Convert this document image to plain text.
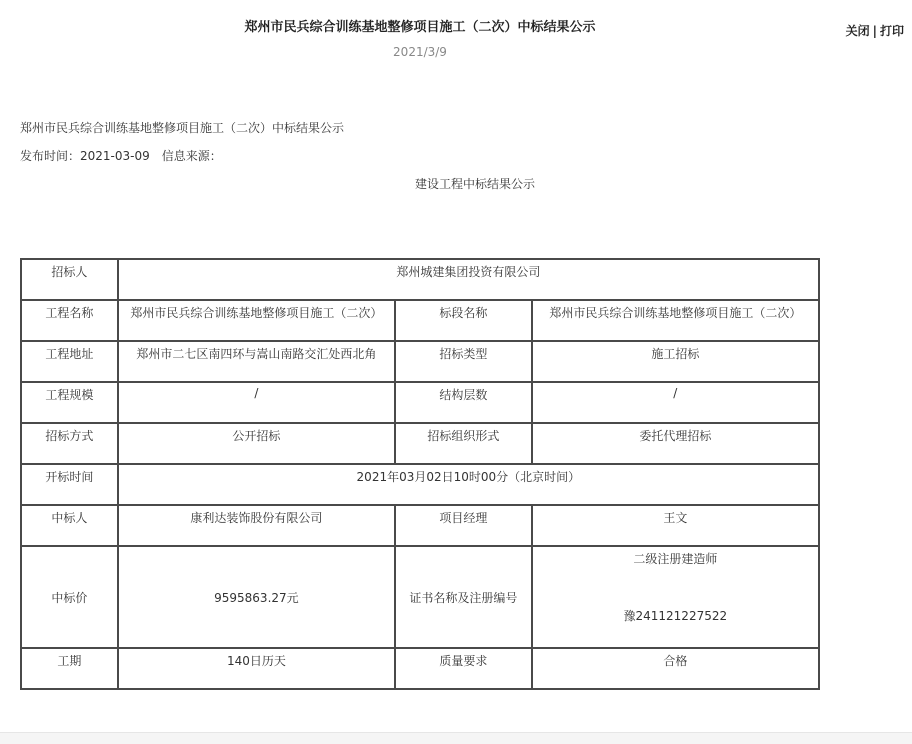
郑州市民兵综合训练基地整修项目施工（二次）中标结果公示
2021/3/9
关闭 | 打印
郑州市民兵综合训练基地整修项目施工（二次）中标结果公示
发布时间：2021-03-09 信息来源：
建设工程中标结果公示
招标人	郑州城建集团投资有限公司		
工程名称	郑州市民兵综合训练基地整修项目施工（二次）	标段名称	郑州市民兵综合训练基地整修项目施工（二次）
工程地址	郑州市二七区南四环与嵩山南路交汇处西北角	招标类型	施工招标
工程规模	/	结构层数	/
招标方式	公开招标	招标组织形式	委托代理招标
开标时间	2021年03月02日10时00分（北京时间）		
中标人	康利达装饰股份有限公司	项目经理	王文
中标价	9595863.27元	证书名称及注册编号	二级注册建造师
豫241121227522

工期	140日历天	质量要求	合格
